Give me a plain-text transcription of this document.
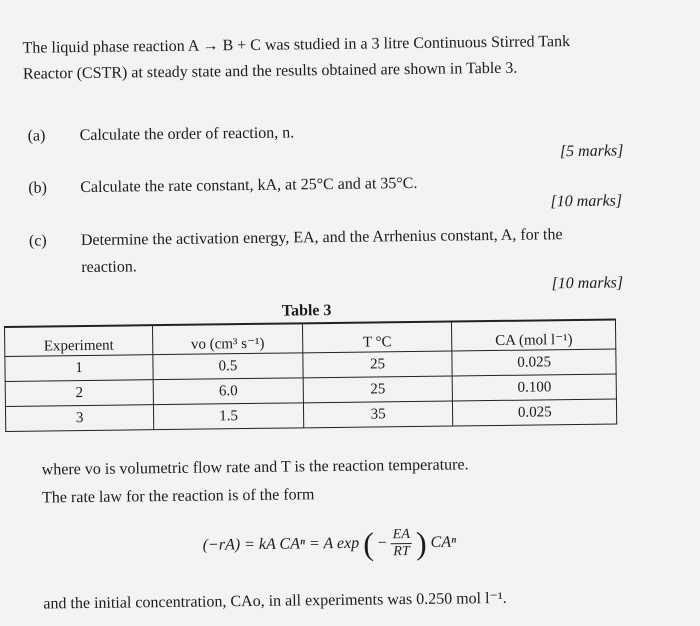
The liquid phase reaction A → B + C was studied in a 3 litre Continuous Stirred Tank
Reactor (CSTR) at steady state and the results obtained are shown in Table 3.
(a) Calculate the order of reaction, n.
[5 marks]
(b) Calculate the rate constant, kA, at 25°C and at 35°C.
[10 marks]
(c) Determine the activation energy, EA, and the Arrhenius constant, A, for the
reaction.
[10 marks]
Table 3
Experiment	vo (cm³ s⁻¹)	T °C	CA (mol l⁻¹)
1	0.5	25	0.025
2	6.0	25	0.100
3	1.5	35	0.025
where vo is volumetric flow rate and T is the reaction temperature.
The rate law for the reaction is of the form
(−rA) = kA CAⁿ = A exp ( − $\frac{EA}{RT}$ ) CAⁿ
and the initial concentration, CAo, in all experiments was 0.250 mol l⁻¹.
